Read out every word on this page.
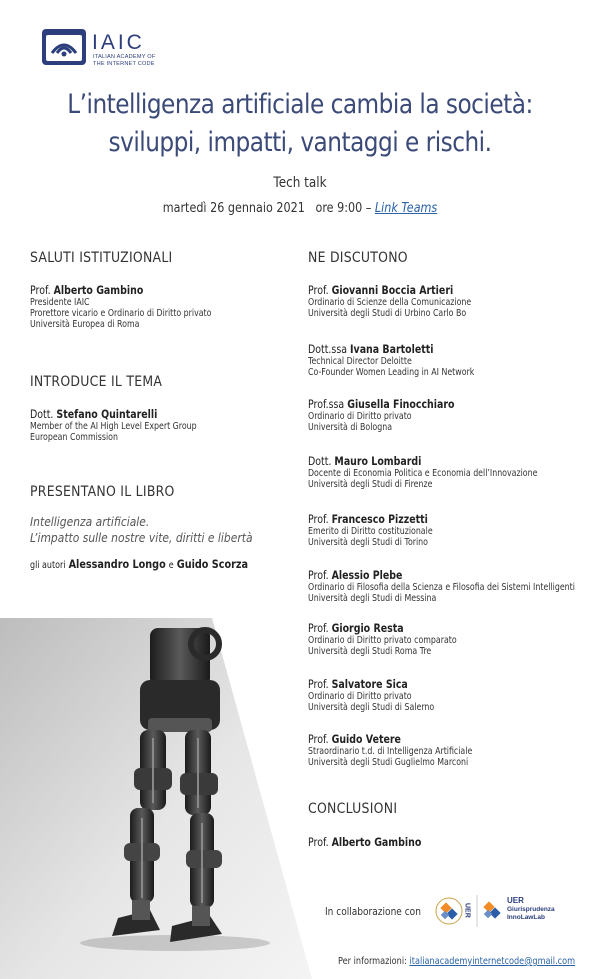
IAIC
ITALIAN ACADEMY OF
THE INTERNET CODE
L’intelligenza artificiale cambia la società:
sviluppi, impatti, vantaggi e rischi.
Tech talk
martedì 26 gennaio 2021 ore 9:00 – Link Teams
SALUTI ISTITUZIONALI
Prof. Alberto Gambino
Presidente IAIC
Prorettore vicario e Ordinario di Diritto privato
Università Europea di Roma
INTRODUCE IL TEMA
Dott. Stefano Quintarelli
Member of the AI High Level Expert Group
European Commission
PRESENTANO IL LIBRO
Intelligenza artificiale.
L’impatto sulle nostre vite, diritti e libertà
gli autori Alessandro Longo e Guido Scorza
NE DISCUTONO
Prof. Giovanni Boccia Artieri
Ordinario di Scienze della Comunicazione
Università degli Studi di Urbino Carlo Bo
Dott.ssa Ivana Bartoletti
Technical Director Deloitte
Co-Founder Women Leading in AI Network
Prof.ssa Giusella Finocchiaro
Ordinario di Diritto privato
Università di Bologna
Dott. Mauro Lombardi
Docente di Economia Politica e Economia dell’Innovazione
Università degli Studi di Firenze
Prof. Francesco Pizzetti
Emerito di Diritto costituzionale
Università degli Studi di Torino
Prof. Alessio Plebe
Ordinario di Filosofia della Scienza e Filosofia dei Sistemi Intelligenti
Università degli Studi di Messina
Prof. Giorgio Resta
Ordinario di Diritto privato comparato
Università degli Studi Roma Tre
Prof. Salvatore Sica
Ordinario di Diritto privato
Università degli Studi di Salerno
Prof. Guido Vetere
Straordinario t.d. di Intelligenza Artificiale
Università degli Studi Guglielmo Marconi
CONCLUSIONI
Prof. Alberto Gambino
In collaborazione con	UER
UER
Giurisprudenza
InnoLawLab
Per informazioni: italianacademyinternetcode@gmail.com
